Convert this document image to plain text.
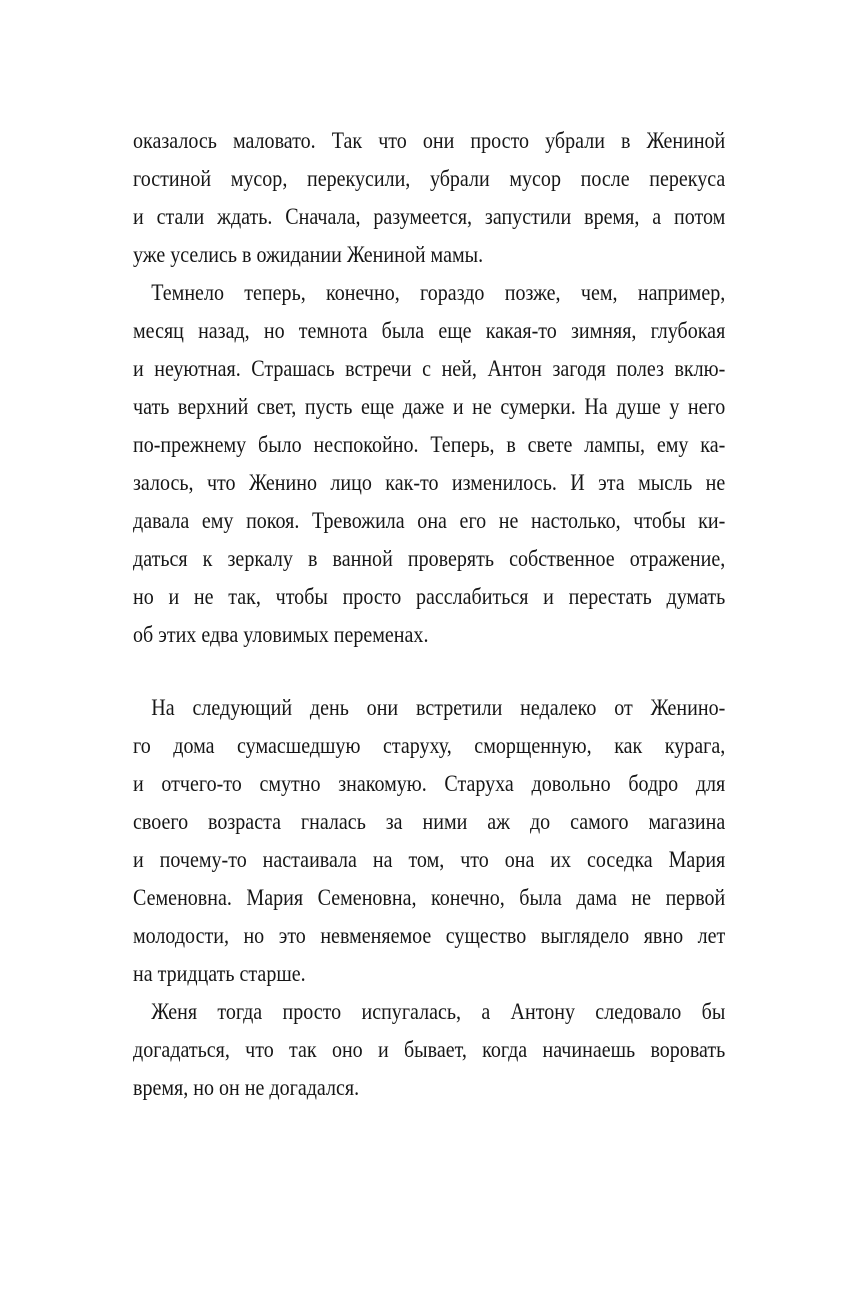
оказалось маловато. Так что они просто убрали в Жениной
гостиной мусор, перекусили, убрали мусор после перекуса
и стали ждать. Сначала, разумеется, запустили время, а потом
уже уселись в ожидании Жениной мамы.
Темнело теперь, конечно, гораздо позже, чем, например,
месяц назад, но темнота была еще какая-то зимняя, глубокая
и неуютная. Страшась встречи с ней, Антон загодя полез вклю-
чать верхний свет, пусть еще даже и не сумерки. На душе у него
по-прежнему было неспокойно. Теперь, в свете лампы, ему ка-
залось, что Женино лицо как-то изменилось. И эта мысль не
давала ему покоя. Тревожила она его не настолько, чтобы ки-
даться к зеркалу в ванной проверять собственное отражение,
но и не так, чтобы просто расслабиться и перестать думать
об этих едва уловимых переменах.
На следующий день они встретили недалеко от Женино-
го дома сумасшедшую старуху, сморщенную, как курага,
и отчего-то смутно знакомую. Старуха довольно бодро для
своего возраста гналась за ними аж до самого магазина
и почему-то настаивала на том, что она их соседка Мария
Семеновна. Мария Семеновна, конечно, была дама не первой
молодости, но это невменяемое существо выглядело явно лет
на тридцать старше.
Женя тогда просто испугалась, а Антону следовало бы
догадаться, что так оно и бывает, когда начинаешь воровать
время, но он не догадался.
